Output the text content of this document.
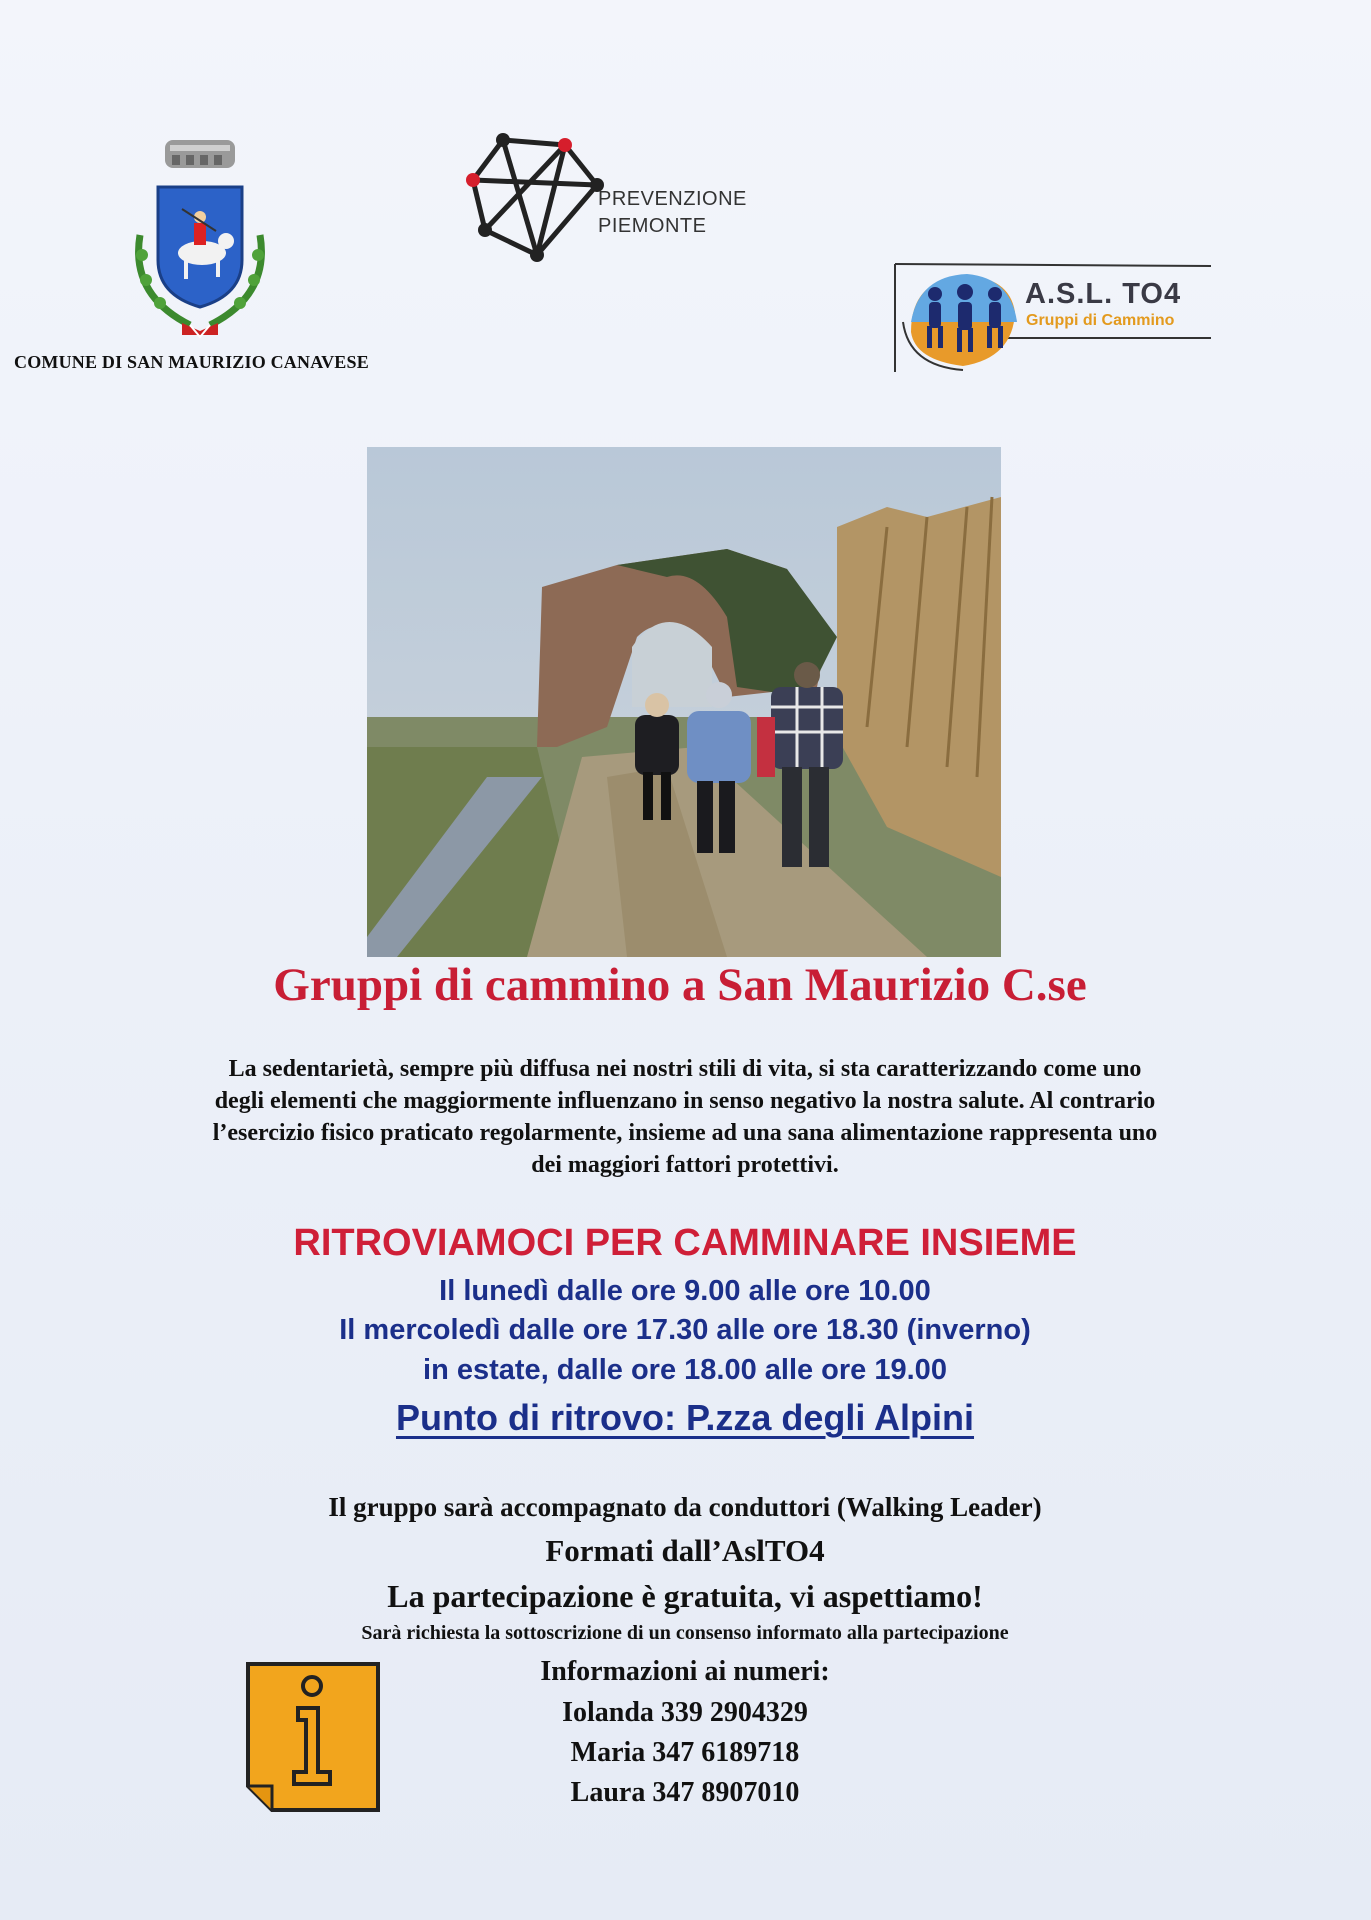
COMUNE DI SAN MAURIZIO CANAVESE
PREVENZIONE
PIEMONTE
A.S.L. TO4
Gruppi di Cammino
Gruppi di cammino a San Maurizio C.se
La sedentarietà, sempre più diffusa nei nostri stili di vita, si sta caratterizzando come uno
degli elementi che maggiormente influenzano in senso negativo la nostra salute. Al contrario
l’esercizio fisico praticato regolarmente, insieme ad una sana alimentazione rappresenta uno
dei maggiori fattori protettivi.
RITROVIAMOCI PER CAMMINARE INSIEME
Il lunedì dalle ore 9.00 alle ore 10.00
Il mercoledì dalle ore 17.30 alle ore 18.30 (inverno)
in estate, dalle ore 18.00 alle ore 19.00
Punto di ritrovo: P.zza degli Alpini
Il gruppo sarà accompagnato da conduttori (Walking Leader)
Formati dall’AslTO4
La partecipazione è gratuita, vi aspettiamo!
Sarà richiesta la sottoscrizione di un consenso informato alla partecipazione
Informazioni ai numeri:
Iolanda 339 2904329
Maria 347 6189718
Laura 347 8907010
